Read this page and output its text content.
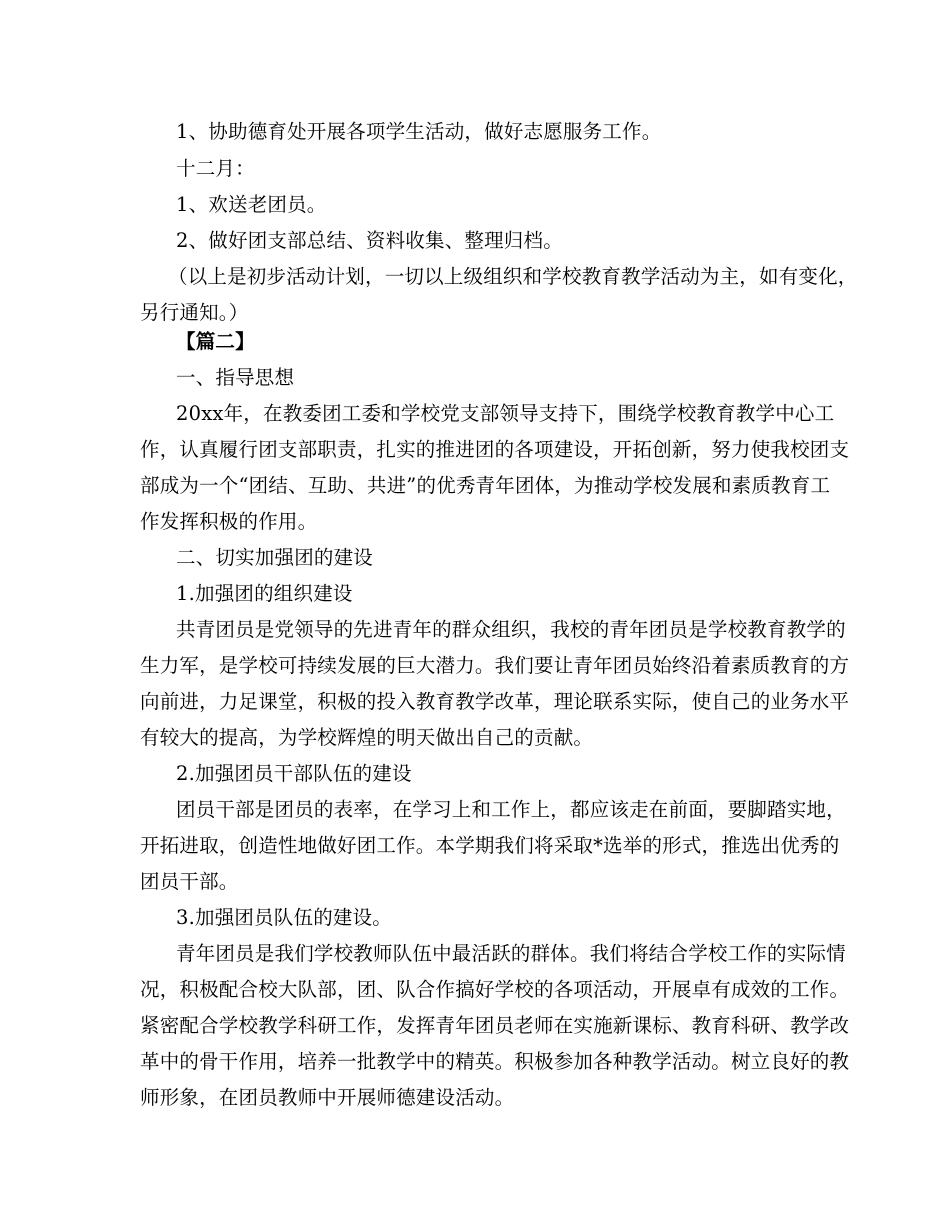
1、协助德育处开展各项学生活动，做好志愿服务工作。
十二月：
1、欢送老团员。
2、做好团支部总结、资料收集、整理归档。
（以上是初步活动计划，一切以上级组织和学校教育教学活动为主，如有变化，
另行通知。）
【篇二】
一、指导思想
20xx年，在教委团工委和学校党支部领导支持下，围绕学校教育教学中心工
作，认真履行团支部职责，扎实的推进团的各项建设，开拓创新，努力使我校团支
部成为一个“团结、互助、共进”的优秀青年团体，为推动学校发展和素质教育工
作发挥积极的作用。
二、切实加强团的建设
1.加强团的组织建设
共青团员是党领导的先进青年的群众组织，我校的青年团员是学校教育教学的
生力军，是学校可持续发展的巨大潜力。我们要让青年团员始终沿着素质教育的方
向前进，力足课堂，积极的投入教育教学改革，理论联系实际，使自己的业务水平
有较大的提高，为学校辉煌的明天做出自己的贡献。
2.加强团员干部队伍的建设
团员干部是团员的表率，在学习上和工作上，都应该走在前面，要脚踏实地，
开拓进取，创造性地做好团工作。本学期我们将采取*选举的形式，推选出优秀的
团员干部。
3.加强团员队伍的建设。
青年团员是我们学校教师队伍中最活跃的群体。我们将结合学校工作的实际情
况，积极配合校大队部，团、队合作搞好学校的各项活动，开展卓有成效的工作。
紧密配合学校教学科研工作，发挥青年团员老师在实施新课标、教育科研、教学改
革中的骨干作用，培养一批教学中的精英。积极参加各种教学活动。树立良好的教
师形象，在团员教师中开展师德建设活动。
